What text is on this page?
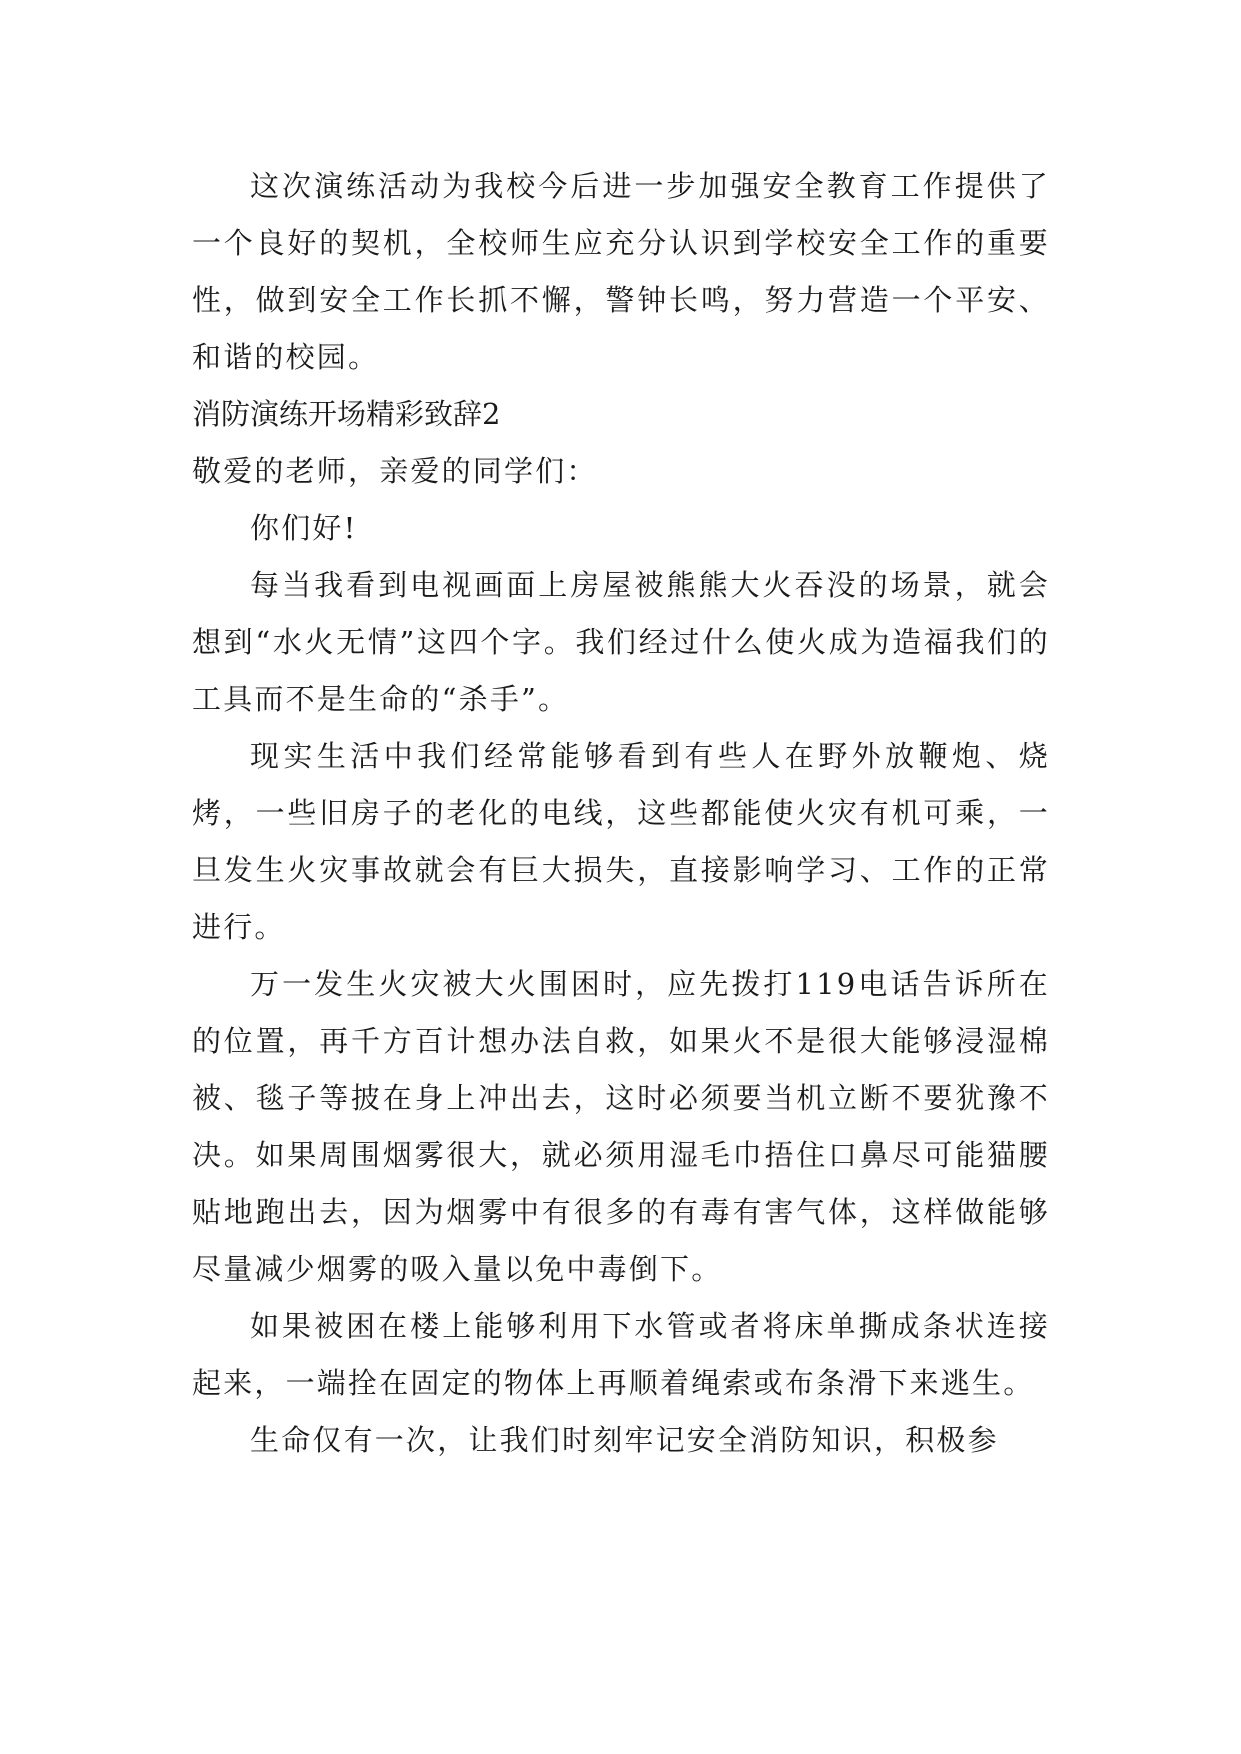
这次演练活动为我校今后进一步加强安全教育工作提供了一个良好的契机，全校师生应充分认识到学校安全工作的重要性，做到安全工作长抓不懈，警钟长鸣，努力营造一个平安、和谐的校园。

消防演练开场精彩致辞2

敬爱的老师，亲爱的同学们：

你们好!

每当我看到电视画面上房屋被熊熊大火吞没的场景，就会想到“水火无情”这四个字。我们经过什么使火成为造福我们的工具而不是生命的“杀手”。

现实生活中我们经常能够看到有些人在野外放鞭炮、烧烤，一些旧房子的老化的电线，这些都能使火灾有机可乘，一旦发生火灾事故就会有巨大损失，直接影响学习、工作的正常进行。

万一发生火灾被大火围困时，应先拨打119电话告诉所在的位置，再千方百计想办法自救，如果火不是很大能够浸湿棉被、毯子等披在身上冲出去，这时必须要当机立断不要犹豫不决。如果周围烟雾很大，就必须用湿毛巾捂住口鼻尽可能猫腰贴地跑出去，因为烟雾中有很多的有毒有害气体，这样做能够尽量减少烟雾的吸入量以免中毒倒下。

如果被困在楼上能够利用下水管或者将床单撕成条状连接起来，一端拴在固定的物体上再顺着绳索或布条滑下来逃生。

生命仅有一次，让我们时刻牢记安全消防知识，积极参
